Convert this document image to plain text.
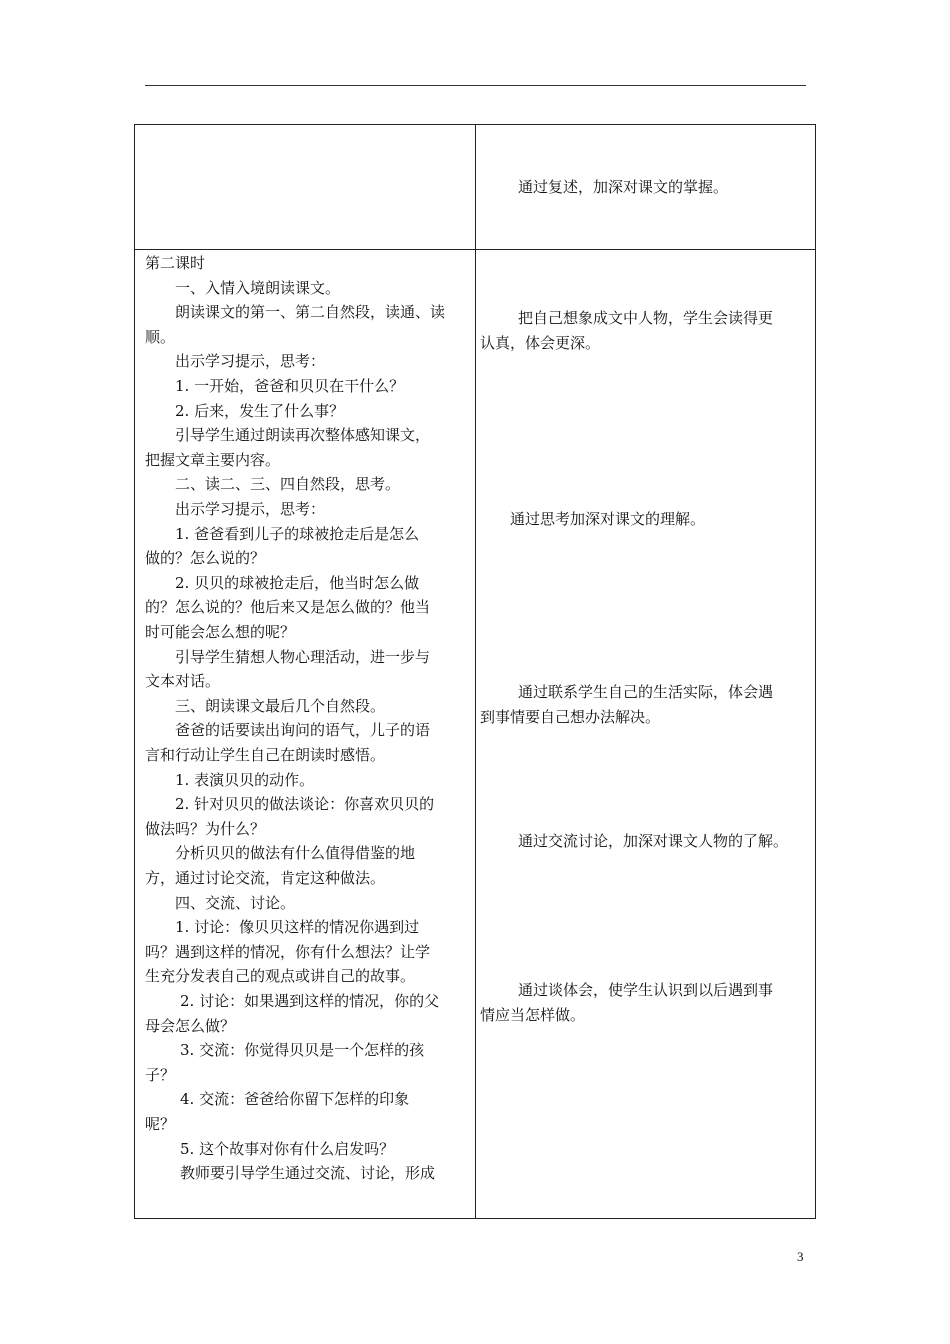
通过复述，加深对课文的掌握。
第二课时
一、入情入境朗读课文。
朗读课文的第一、第二自然段，读通、读
顺。
出示学习提示，思考：
1. 一开始，爸爸和贝贝在干什么？
2. 后来，发生了什么事？
引导学生通过朗读再次整体感知课文，
把握文章主要内容。
二、读二、三、四自然段，思考。
出示学习提示，思考：
1. 爸爸看到儿子的球被抢走后是怎么
做的？怎么说的？
2. 贝贝的球被抢走后，他当时怎么做
的？怎么说的？他后来又是怎么做的？他当
时可能会怎么想的呢？
引导学生猜想人物心理活动，进一步与
文本对话。
三、朗读课文最后几个自然段。
爸爸的话要读出询问的语气，儿子的语
言和行动让学生自己在朗读时感悟。
1. 表演贝贝的动作。
2. 针对贝贝的做法谈论：你喜欢贝贝的
做法吗？为什么？
分析贝贝的做法有什么值得借鉴的地
方，通过讨论交流，肯定这种做法。
四、交流、讨论。
1. 讨论：像贝贝这样的情况你遇到过
吗？遇到这样的情况，你有什么想法？让学
生充分发表自己的观点或讲自己的故事。
2. 讨论：如果遇到这样的情况，你的父
母会怎么做？
3. 交流：你觉得贝贝是一个怎样的孩
子？
4. 交流：爸爸给你留下怎样的印象
呢？
5. 这个故事对你有什么启发吗？
教师要引导学生通过交流、讨论，形成
把自己想象成文中人物，学生会读得更
认真，体会更深。
通过思考加深对课文的理解。
通过联系学生自己的生活实际，体会遇
到事情要自己想办法解决。
通过交流讨论，加深对课文人物的了解。
通过谈体会，使学生认识到以后遇到事
情应当怎样做。
3
